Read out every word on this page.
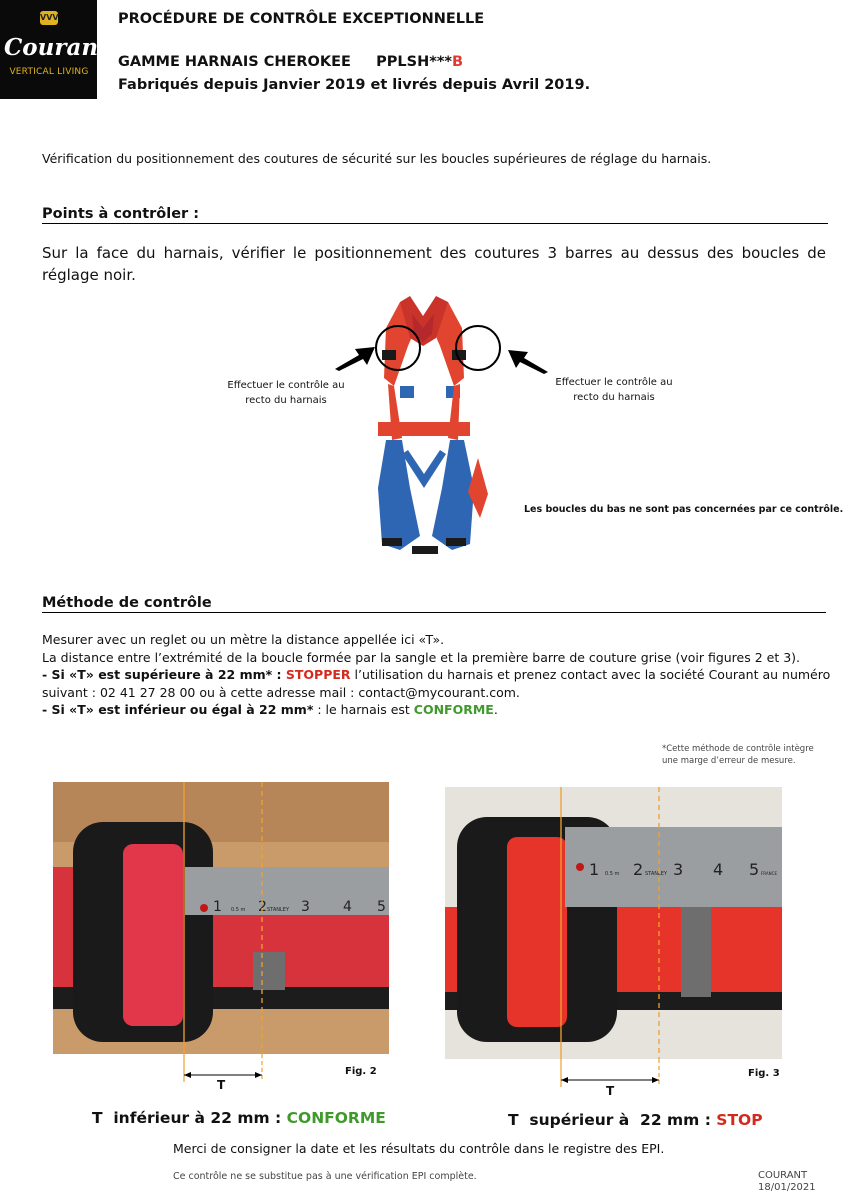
VVV
Courant
VERTICAL LIVING
PROCÉDURE DE CONTRÔLE EXCEPTIONNELLE
GAMME HARNAIS CHEROKEE     PPLSH***B
Fabriqués depuis Janvier 2019 et livrés depuis Avril 2019.
Vérification du positionnement des coutures de sécurité sur les boucles supérieures de réglage du harnais.
Points à contrôler :
Sur la face du harnais, vérifier le positionnement des coutures 3 barres au dessus des boucles de réglage noir.
Effectuer le contrôle au recto du harnais
Effectuer le contrôle au recto du harnais
Les boucles du bas ne sont pas concernées par ce contrôle.
Méthode de contrôle

Mesurer avec un reglet ou un mètre la distance appellée ici «T».

La distance entre l’extrémité de la boucle formée par la sangle et la première barre de couture grise (voir figures 2 et 3).

- Si «T» est supérieure à 22 mm* : STOPPER l’utilisation du harnais et prenez contact avec la société Courant au numéro suivant : 02 41 27 28 00 ou à cette adresse mail : contact@mycourant.com.

- Si «T» est inférieur ou égal à 22 mm* : le harnais est CONFORME.

*Cette méthode de contrôle intègre
une marge d’erreur de mesure.
1	2 3 4 5
0.5 m	STANLEY
Fig. 2
T
1 2 3 4 5
0.5 m	STANLEY	FRANCE
Fig. 3
T
T  inférieur à 22 mm : CONFORME	T  supérieur à  22 mm : STOP
Merci de consigner la date et les résultats du contrôle dans le registre des EPI.
Ce contrôle ne se substitue pas à une vérification EPI complète.	COURANT
18/01/2021
